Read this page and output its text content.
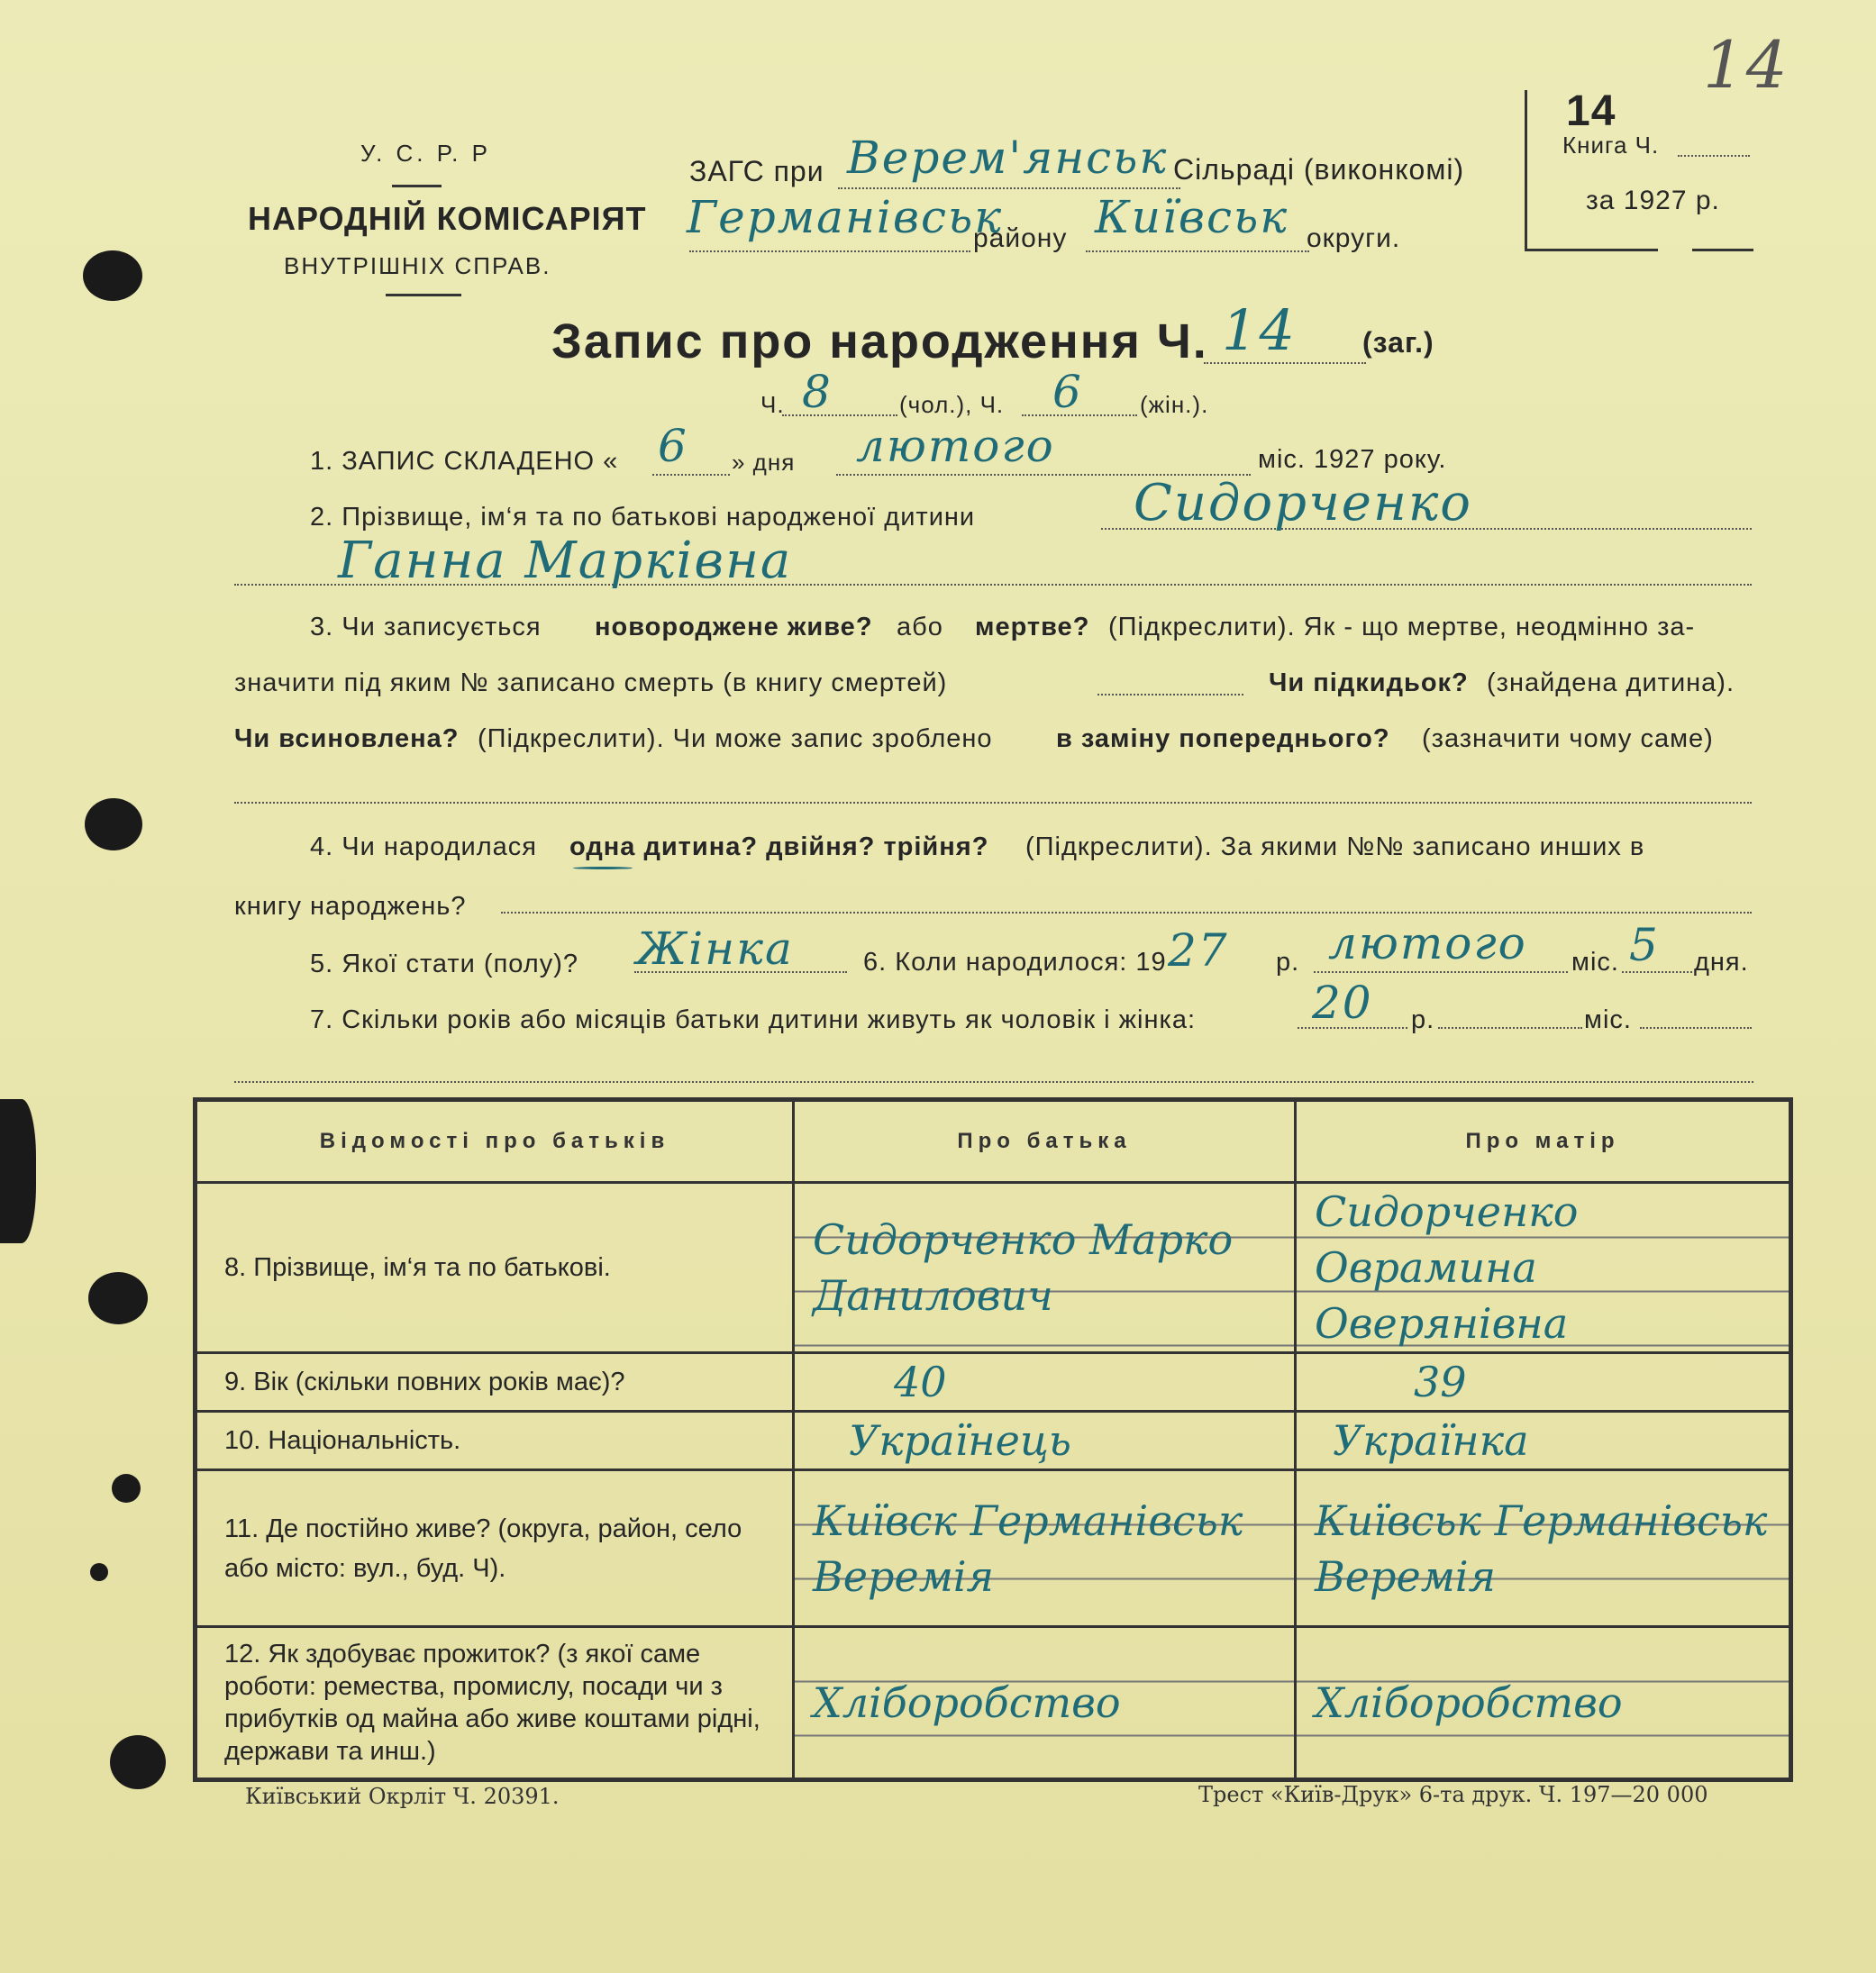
14
У. С. Р. Р
НАРОДНІЙ КОМІСАРІЯТ
ВНУТРІШНІХ СПРАВ.
ЗАГС при Верем'янськ Сільраді (виконкомі)
Германівськ
району Київськ округи.
14
Книга Ч.
за 1927 р.
Запис про народження Ч. 14 (заг.)
Ч. 8	(чол.), Ч. 6 (жін.).
1. ЗАПИС СКЛАДЕНО « 6 » дня лютого	міс. 1927 року.
2. Прізвище, ім‘я та по батькові народженої дитини	Сидорченко
Ганна Марківна
3. Чи записується новороджене живе? або мертве? (Підкреслити). Як - що мертве, неодмінно за-
значити під яким № записано смерть (в книгу смертей)	Чи підкидьок? (знайдена дитина).
Чи всиновлена? (Підкреслити). Чи може запис зроблено в заміну попереднього? (зазначити чому саме)
4. Чи народилася одна дитина? двійня? трійня? (Підкреслити). За якими №№ записано инших в
книгу народжень?
5. Якої стати (полу)? Жінка	6. Коли народилося: 19 27 р. лютого міс. 5 дня.
7. Скільки років або місяців батьки дитини живуть як чоловік і жінка:	20 р.	міс.
Відомості про батьків	Про батька	Про матір
8. Прізвище, ім‘я та по батькові.	Сидорченко Марко Данилович	Сидорченко Оврамина Оверянівна
9. Вік (скільки повних років має)?	40	39
10. Національність.	Українець	Українка
11. Де постійно живе? (округа, район, село або місто: вул., буд. Ч).	Київск Германівськ Веремія	Київськ Германівськ Веремія
12. Як здобуває прожиток? (з якої саме роботи: ремества, промислу, посади чи з прибутків од майна або живе коштами рідні, держави та инш.)	Хліборобство	Хліборобство
Київський Окрліт Ч. 20391.	Трест «Київ-Друк» 6-та друк. Ч. 197—20 000
